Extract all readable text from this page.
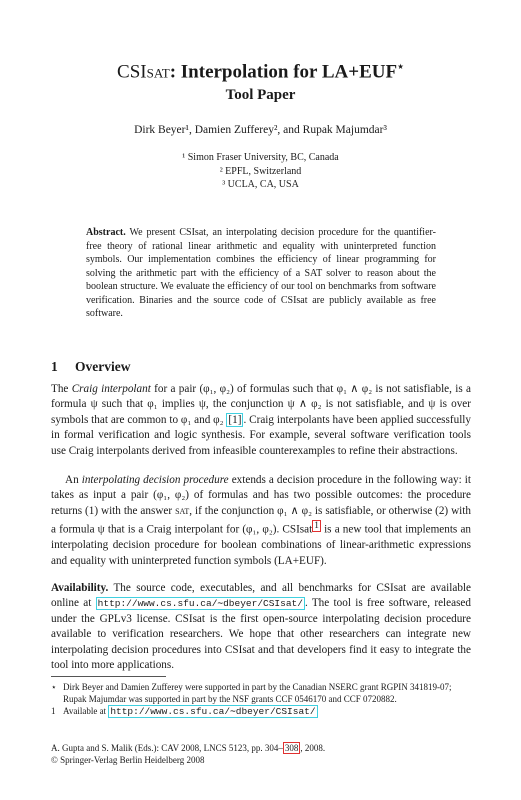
CSIsat: Interpolation for LA+EUF⋆
Tool Paper
Dirk Beyer¹, Damien Zufferey², and Rupak Majumdar³
¹ Simon Fraser University, BC, Canada
² EPFL, Switzerland
³ UCLA, CA, USA
Abstract. We present CSIsat, an interpolating decision procedure for the quantifier-free theory of rational linear arithmetic and equality with uninterpreted function symbols. Our implementation combines the efficiency of linear programming for solving the arithmetic part with the efficiency of a SAT solver to reason about the boolean structure. We evaluate the efficiency of our tool on benchmarks from software verification. Binaries and the source code of CSIsat are publicly available as free software.
1 Overview
The Craig interpolant for a pair (φ₁, φ₂) of formulas such that φ₁ ∧ φ₂ is not satisfiable, is a formula ψ such that φ₁ implies ψ, the conjunction ψ ∧ φ₂ is not satisfiable, and ψ is over symbols that are common to φ₁ and φ₂ [1] . Craig interpolants have been applied successfully in formal verification and logic synthesis. For example, several software verification tools use Craig interpolants derived from infeasible counterexamples to refine their abstractions.
An interpolating decision procedure extends a decision procedure in the following way: it takes as input a pair (φ₁, φ₂) of formulas and has two possible outcomes: the procedure returns (1) with the answer sat, if the conjunction φ₁ ∧ φ₂ is satisfiable, or otherwise (2) with a formula ψ that is a Craig interpolant for (φ₁, φ₂). CSIsat $^1$ is a new tool that implements an interpolating decision procedure for boolean combinations of linear-arithmetic expressions and equality with uninterpreted function symbols (LA+EUF).
Availability. The source code, executables, and all benchmarks for CSIsat are available online at http://www.cs.sfu.ca/∼dbeyer/CSIsat/ . The tool is free software, released under the GPLv3 license. CSIsat is the first open-source interpolating decision procedure available to verification researchers. We hope that other researchers can integrate new interpolating decision procedures into CSIsat and that developers find it easy to integrate the tool into more applications.
⋆ Dirk Beyer and Damien Zufferey were supported in part by the Canadian NSERC grant RGPIN 341819-07; Rupak Majumdar was supported in part by the NSF grants CCF 0546170 and CCF 0720882.
1 Available at http://www.cs.sfu.ca/∼dbeyer/CSIsat/
A. Gupta and S. Malik (Eds.): CAV 2008, LNCS 5123, pp. 304– 308 , 2008.
© Springer-Verlag Berlin Heidelberg 2008
